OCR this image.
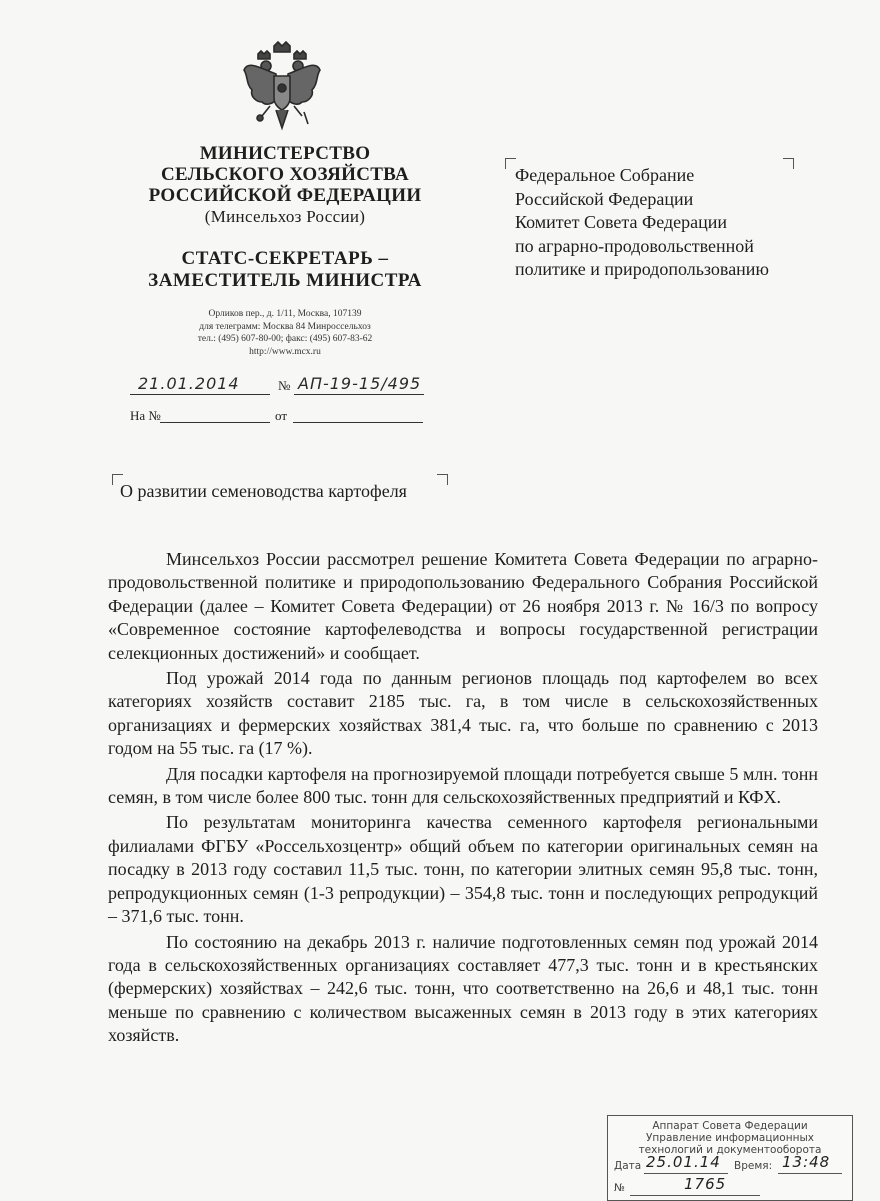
МИНИСТЕРСТВО
СЕЛЬСКОГО ХОЗЯЙСТВА
РОССИЙСКОЙ ФЕДЕРАЦИИ
(Минсельхоз России)
СТАТС-СЕКРЕТАРЬ –
ЗАМЕСТИТЕЛЬ МИНИСТРА
Орликов пер., д. 1/11, Москва, 107139
для телеграмм: Москва 84 Минроссельхоз
тел.: (495) 607-80-00; факс: (495) 607-83-62
http://www.mcx.ru
21.01.2014	№ АП-19-15/495
На №	от
Федеральное Собрание
Российской Федерации
Комитет Совета Федерации
по аграрно-продовольственной
политике и природопользованию
О развитии семеноводства картофеля

Минсельхоз России рассмотрел решение Комитета Совета Федерации по аграрно-продовольственной политике и природопользованию Федерального Собрания Российской Федерации (далее – Комитет Совета Федерации) от 26 ноября 2013 г. № 16/3 по вопросу «Современное состояние картофелеводства и вопросы государственной регистрации селекционных достижений» и сообщает.

Под урожай 2014 года по данным регионов площадь под картофелем во всех категориях хозяйств составит 2185 тыс. га, в том числе в сельскохозяйственных организациях и фермерских хозяйствах 381,4 тыс. га, что больше по сравнению с 2013 годом на 55 тыс. га (17 %).

Для посадки картофеля на прогнозируемой площади потребуется свыше 5 млн. тонн семян, в том числе более 800 тыс. тонн для сельскохозяйственных предприятий и КФХ.

По результатам мониторинга качества семенного картофеля региональными филиалами ФГБУ «Россельхозцентр» общий объем по категории оригинальных семян на посадку в 2013 году составил 11,5 тыс. тонн, по категории элитных семян 95,8 тыс. тонн, репродукционных семян (1-3 репродукции) – 354,8 тыс. тонн и последующих репродукций – 371,6 тыс. тонн.

По состоянию на декабрь 2013 г. наличие подготовленных семян под урожай 2014 года в сельскохозяйственных организациях составляет 477,3 тыс. тонн и в крестьянских (фермерских) хозяйствах – 242,6 тыс. тонн, что соответственно на 26,6 и 48,1 тыс. тонн меньше по сравнению с количеством высаженных семян в 2013 году в этих категориях хозяйств.

Аппарат Совета Федерации
Управление информационных
технологий и документооборота
Дата 25.01.14 Время: 13:48
№	1765
